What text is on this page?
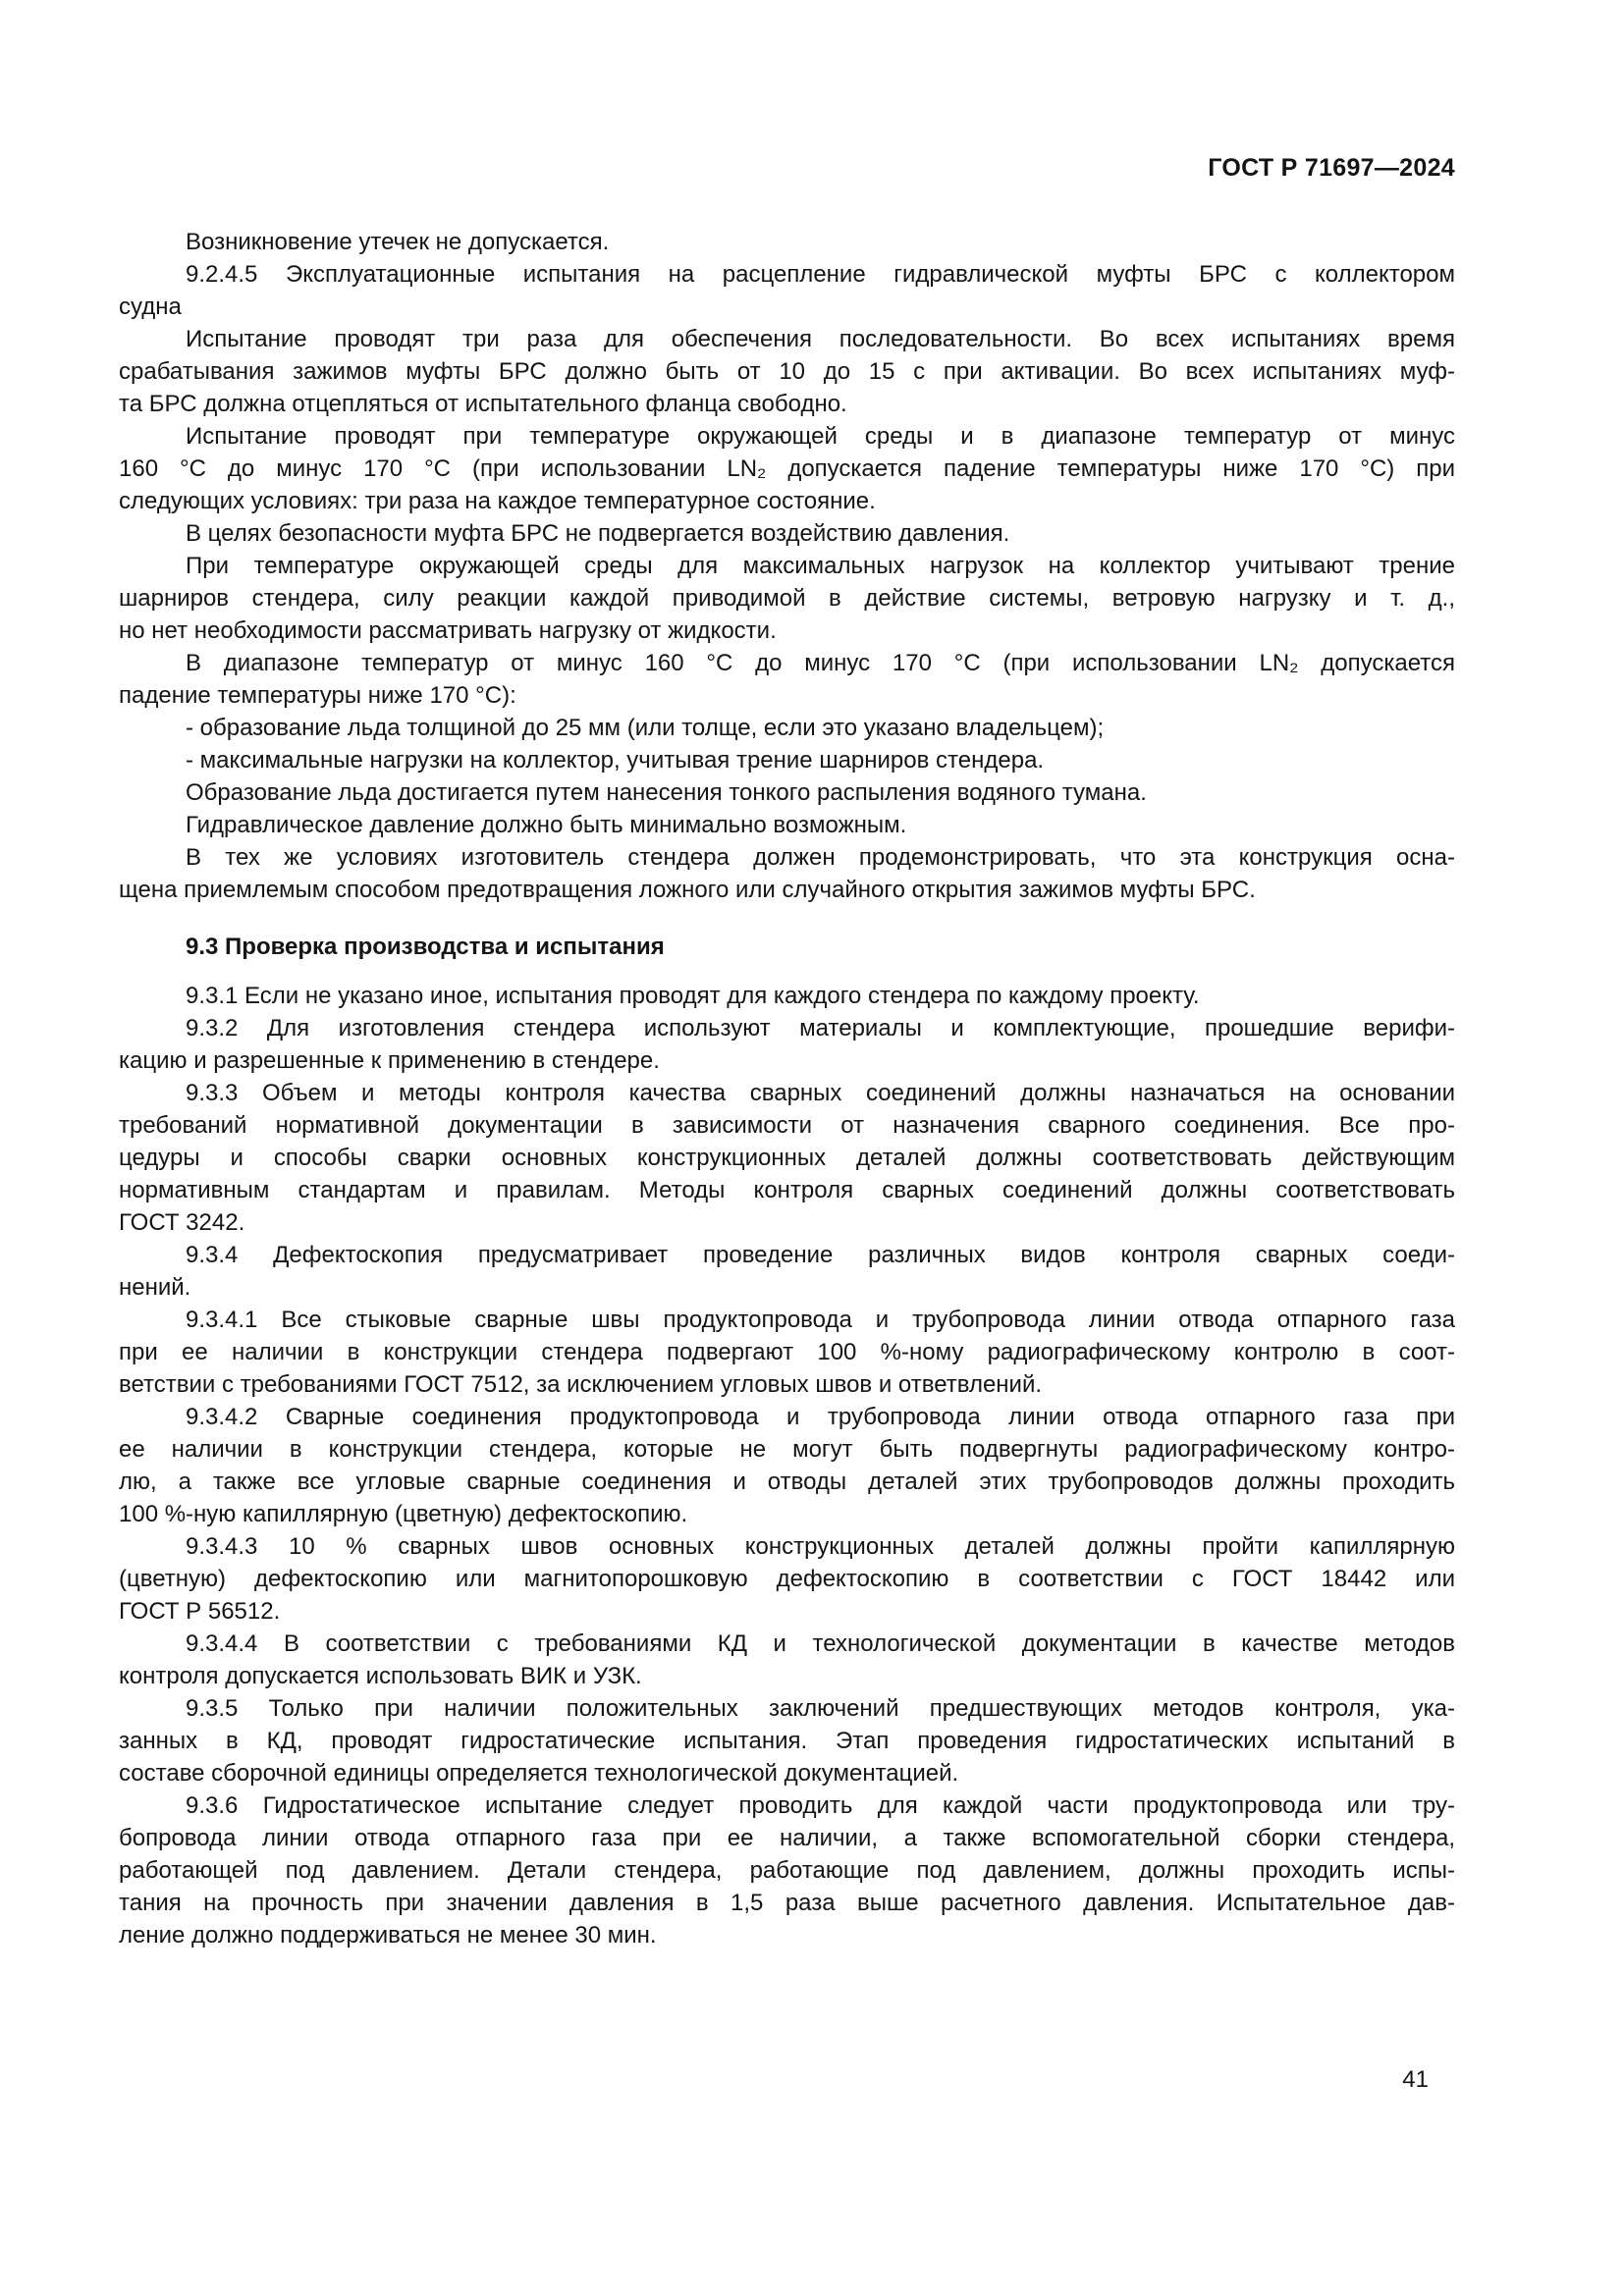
ГОСТ Р 71697—2024
Возникновение утечек не допускается.
9.2.4.5 Эксплуатационные испытания на расцепление гидравлической муфты БРС с коллектором
судна
Испытание проводят три раза для обеспечения последовательности. Во всех испытаниях время
срабатывания зажимов муфты БРС должно быть от 10 до 15 с при активации. Во всех испытаниях муф-
та БРС должна отцепляться от испытательного фланца свободно.
Испытание проводят при температуре окружающей среды и в диапазоне температур от минус
160 °С до минус 170 °С (при использовании LN₂ допускается падение температуры ниже 170 °С) при
следующих условиях: три раза на каждое температурное состояние.
В целях безопасности муфта БРС не подвергается воздействию давления.
При температуре окружающей среды для максимальных нагрузок на коллектор учитывают трение
шарниров стендера, силу реакции каждой приводимой в действие системы, ветровую нагрузку и т. д.,
но нет необходимости рассматривать нагрузку от жидкости.
В диапазоне температур от минус 160 °С до минус 170 °С (при использовании LN₂ допускается
падение температуры ниже 170 °С):
- образование льда толщиной до 25 мм (или толще, если это указано владельцем);
- максимальные нагрузки на коллектор, учитывая трение шарниров стендера.
Образование льда достигается путем нанесения тонкого распыления водяного тумана.
Гидравлическое давление должно быть минимально возможным.
В тех же условиях изготовитель стендера должен продемонстрировать, что эта конструкция осна-
щена приемлемым способом предотвращения ложного или случайного открытия зажимов муфты БРС.
9.3 Проверка производства и испытания
9.3.1 Если не указано иное, испытания проводят для каждого стендера по каждому проекту.
9.3.2 Для изготовления стендера используют материалы и комплектующие, прошедшие верифи-
кацию и разрешенные к применению в стендере.
9.3.3 Объем и методы контроля качества сварных соединений должны назначаться на основании
требований нормативной документации в зависимости от назначения сварного соединения. Все про-
цедуры и способы сварки основных конструкционных деталей должны соответствовать действующим
нормативным стандартам и правилам. Методы контроля сварных соединений должны соответствовать
ГОСТ 3242.
9.3.4 Дефектоскопия предусматривает проведение различных видов контроля сварных соеди-
нений.
9.3.4.1 Все стыковые сварные швы продуктопровода и трубопровода линии отвода отпарного газа
при ее наличии в конструкции стендера подвергают 100 %-ному радиографическому контролю в соот-
ветствии с требованиями ГОСТ 7512, за исключением угловых швов и ответвлений.
9.3.4.2 Сварные соединения продуктопровода и трубопровода линии отвода отпарного газа при
ее наличии в конструкции стендера, которые не могут быть подвергнуты радиографическому контро-
лю, а также все угловые сварные соединения и отводы деталей этих трубопроводов должны проходить
100 %-ную капиллярную (цветную) дефектоскопию.
9.3.4.3 10 % сварных швов основных конструкционных деталей должны пройти капиллярную
(цветную) дефектоскопию или магнитопорошковую дефектоскопию в соответствии с ГОСТ 18442 или
ГОСТ Р 56512.
9.3.4.4 В соответствии с требованиями КД и технологической документации в качестве методов
контроля допускается использовать ВИК и УЗК.
9.3.5 Только при наличии положительных заключений предшествующих методов контроля, ука-
занных в КД, проводят гидростатические испытания. Этап проведения гидростатических испытаний в
составе сборочной единицы определяется технологической документацией.
9.3.6 Гидростатическое испытание следует проводить для каждой части продуктопровода или тру-
бопровода линии отвода отпарного газа при ее наличии, а также вспомогательной сборки стендера,
работающей под давлением. Детали стендера, работающие под давлением, должны проходить испы-
тания на прочность при значении давления в 1,5 раза выше расчетного давления. Испытательное дав-
ление должно поддерживаться не менее 30 мин.
41
